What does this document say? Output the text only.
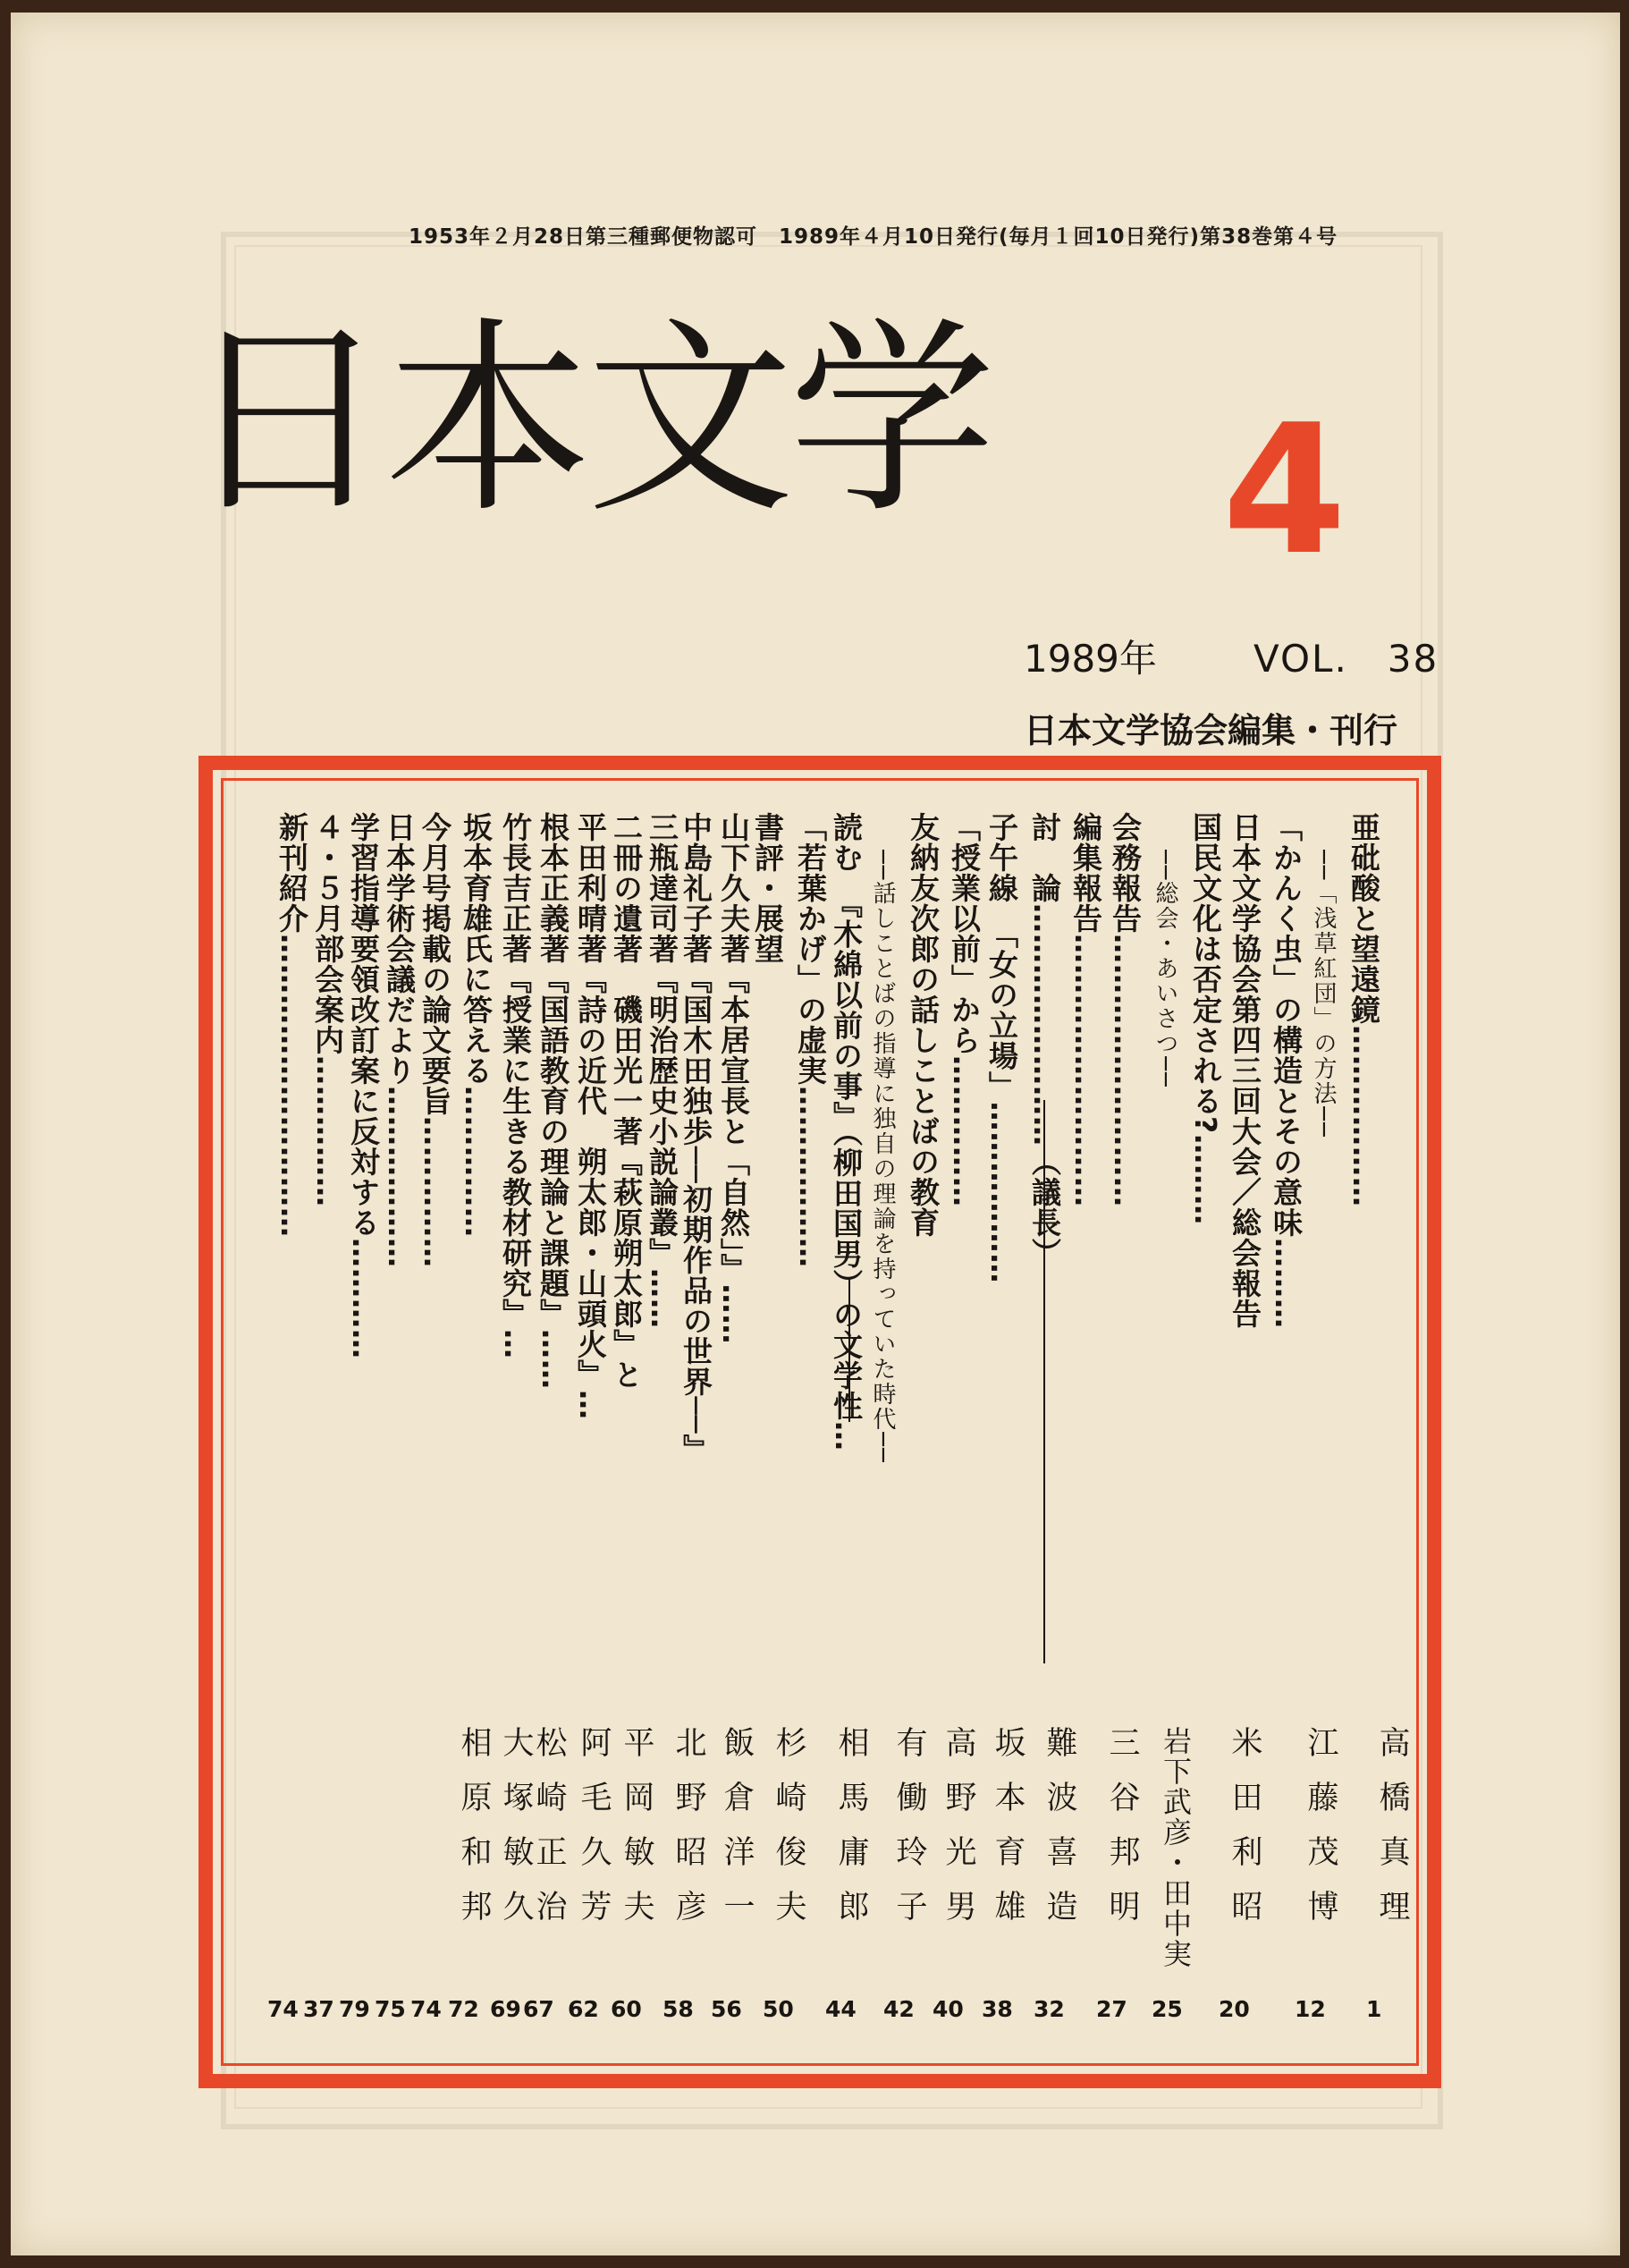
1953年２月28日第三種郵便物認可　1989年４月10日発行(毎月１回10日発行)第38巻第４号
日本文学 4
1989年	VOL.　38
日本文学協会編集・刊行
亜砒酸と望遠鏡………………
高橋真理
1
──「浅草紅団」の方法──
「かんく虫」の構造とその意味………
江藤茂博
12
日本文学協会第四三回大会／総会報告
国民文化は否定される?………
米田利昭
20
──総会・あいさつ──
会務報告………………………
岩下武彦・田中実
25
編集報告………………………
三谷邦明
27
討　論……………………（議長）
難波喜造
32
子午線　「女の立場」………………
坂本育雄
38
「授業以前」から……………
高野光男
40
友納友次郎の話しことばの教育
有働玲子
42
──話しことばの指導に独自の理論を持っていた時代──
読む　『木綿以前の事』（柳田国男）の文学性…
相馬庸郎
44
「若葉かげ」の虚実………………
杉崎俊夫
50
書評・展望
山下久夫著『本居宣長と「自然」』……
飯倉洋一
56
中島礼子著『国木田独歩──初期作品の世界──』
北野昭彦
58
三瓶達司著『明治歴史小説論叢』……
平岡敏夫
60
二冊の遺著　磯田光一著『萩原朔太郎』と
平田利晴著『詩の近代　朔太郎・山頭火』…
阿毛久芳
62
根本正義著『国語教育の理論と課題』……
松崎正治
67
竹長吉正著『授業に生きる教材研究』…
大塚敏久
69
坂本育雄氏に答える……………
相原和邦
72
今月号掲載の論文要旨……………
74
日本学術会議だより………………
75
学習指導要領改訂案に反対する…………
79
４・５月部会案内……………
37
新刊紹介…………………………
74
